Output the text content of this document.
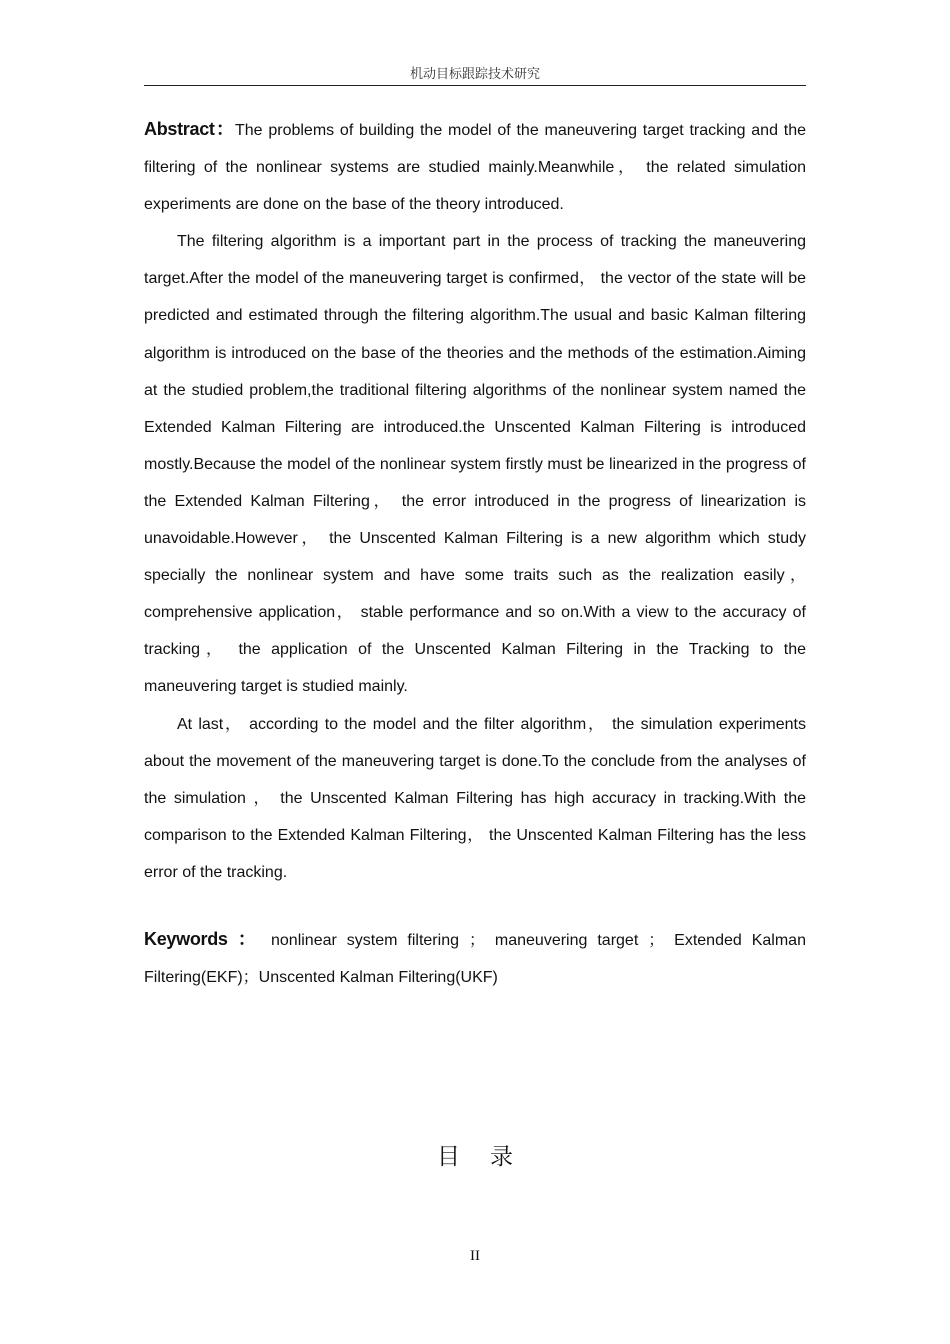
机动目标跟踪技术研究

Abstract：The problems of building the model of the maneuvering target tracking and the filtering of the nonlinear systems are studied mainly.Meanwhile， the related simulation experiments are done on the base of the theory introduced.

The filtering algorithm is a important part in the process of tracking the maneuvering target.After the model of the maneuvering target is confirmed， the vector of the state will be predicted and estimated through the filtering algorithm.The usual and basic Kalman filtering algorithm is introduced on the base of the theories and the methods of the estimation.Aiming at the studied problem,the traditional filtering algorithms of the nonlinear system named the Extended Kalman Filtering are introduced.the Unscented Kalman Filtering is introduced mostly.Because the model of the nonlinear system firstly must be linearized in the progress of the Extended Kalman Filtering， the error introduced in the progress of linearization is unavoidable.However， the Unscented Kalman Filtering is a new algorithm which study specially the nonlinear system and have some traits such as the realization easily， comprehensive application， stable performance and so on.With a view to the accuracy of tracking， the application of the Unscented Kalman Filtering in the Tracking to the maneuvering target is studied mainly.

At last， according to the model and the filter algorithm， the simulation experiments about the movement of the maneuvering target is done.To the conclude from the analyses of the simulation ， the Unscented Kalman Filtering has high accuracy in tracking.With the comparison to the Extended Kalman Filtering， the Unscented Kalman Filtering has the less error of the tracking.

Keywords ： nonlinear system filtering ； maneuvering target ； Extended Kalman Filtering(EKF)；Unscented Kalman Filtering(UKF)

目录
II
